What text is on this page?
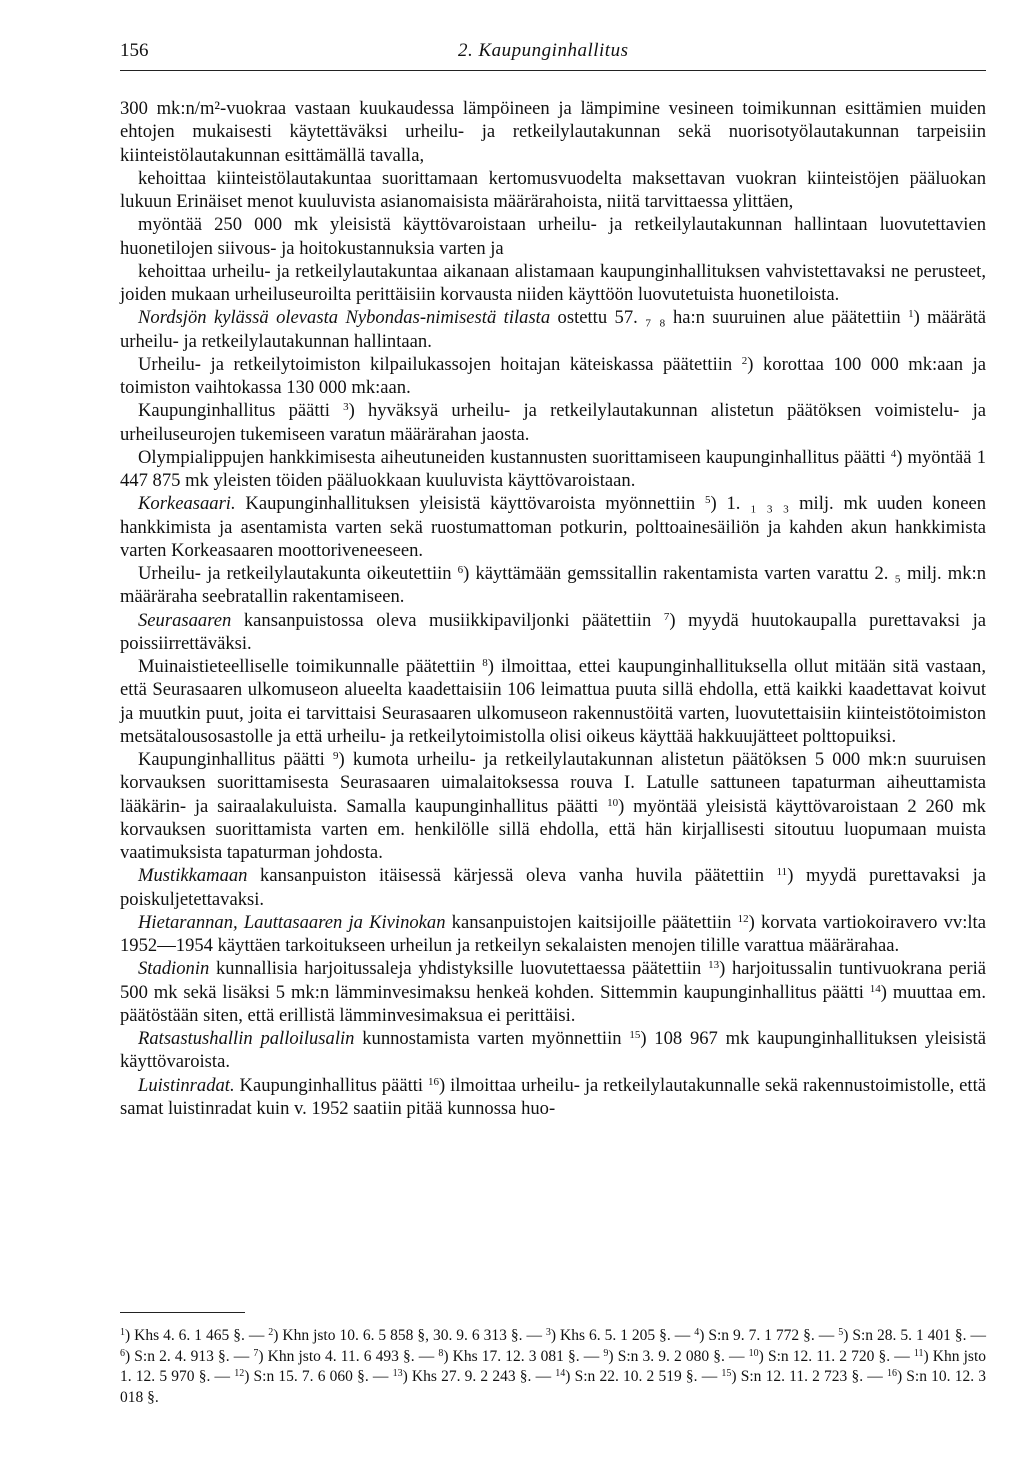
156	2. Kaupunginhallitus

300 mk:n/m²-vuokraa vastaan kuukaudessa lämpöineen ja lämpimine vesineen toimikunnan esittämien muiden ehtojen mukaisesti käytettäväksi urheilu- ja retkeilylautakunnan sekä nuorisotyölautakunnan tarpeisiin kiinteistölautakunnan esittämällä tavalla,

kehoittaa kiinteistölautakuntaa suorittamaan kertomusvuodelta maksettavan vuokran kiinteistöjen pääluokan lukuun Erinäiset menot kuuluvista asianomaisista määrärahoista, niitä tarvittaessa ylittäen,

myöntää 250 000 mk yleisistä käyttövaroistaan urheilu- ja retkeilylautakunnan hallintaan luovutettavien huonetilojen siivous- ja hoitokustannuksia varten ja

kehoittaa urheilu- ja retkeilylautakuntaa aikanaan alistamaan kaupunginhallituksen vahvistettavaksi ne perusteet, joiden mukaan urheiluseuroilta perittäisiin korvausta niiden käyttöön luovutetuista huonetiloista.

Nordsjön kylässä olevasta Nybondas-nimisestä tilasta ostettu 57. ₇ ₈ ha:n suuruinen alue päätettiin $^1$) määrätä urheilu- ja retkeilylautakunnan hallintaan.

Urheilu- ja retkeilytoimiston kilpailukassojen hoitajan käteiskassa päätettiin $^2$) korottaa 100 000 mk:aan ja toimiston vaihtokassa 130 000 mk:aan.

Kaupunginhallitus päätti $^3$) hyväksyä urheilu- ja retkeilylautakunnan alistetun päätöksen voimistelu- ja urheiluseurojen tukemiseen varatun määrärahan jaosta.

Olympialippujen hankkimisesta aiheutuneiden kustannusten suorittamiseen kaupunginhallitus päätti $^4$) myöntää 1 447 875 mk yleisten töiden pääluokkaan kuuluvista käyttövaroistaan.

Korkeasaari. Kaupunginhallituksen yleisistä käyttövaroista myönnettiin $^5$) 1. ₁ ₃ ₃ milj. mk uuden koneen hankkimista ja asentamista varten sekä ruostumattoman potkurin, polttoainesäiliön ja kahden akun hankkimista varten Korkeasaaren moottoriveneeseen.

Urheilu- ja retkeilylautakunta oikeutettiin $^6$) käyttämään gemssitallin rakentamista varten varattu 2. ₅ milj. mk:n määräraha seebratallin rakentamiseen.

Seurasaaren kansanpuistossa oleva musiikkipaviljonki päätettiin $^7$) myydä huutokaupalla purettavaksi ja poissiirrettäväksi.

Muinaistieteelliselle toimikunnalle päätettiin $^8$) ilmoittaa, ettei kaupunginhallituksella ollut mitään sitä vastaan, että Seurasaaren ulkomuseon alueelta kaadettaisiin 106 leimattua puuta sillä ehdolla, että kaikki kaadettavat koivut ja muutkin puut, joita ei tarvittaisi Seurasaaren ulkomuseon rakennustöitä varten, luovutettaisiin kiinteistötoimiston metsätalousosastolle ja että urheilu- ja retkeilytoimistolla olisi oikeus käyttää hakkuujätteet polttopuiksi.

Kaupunginhallitus päätti $^9$) kumota urheilu- ja retkeilylautakunnan alistetun päätöksen 5 000 mk:n suuruisen korvauksen suorittamisesta Seurasaaren uimalaitoksessa rouva I. Latulle sattuneen tapaturman aiheuttamista lääkärin- ja sairaalakuluista. Samalla kaupunginhallitus päätti $^{10}$) myöntää yleisistä käyttövaroistaan 2 260 mk korvauksen suorittamista varten em. henkilölle sillä ehdolla, että hän kirjallisesti sitoutuu luopumaan muista vaatimuksista tapaturman johdosta.

Mustikkamaan kansanpuiston itäisessä kärjessä oleva vanha huvila päätettiin $^{11}$) myydä purettavaksi ja poiskuljetettavaksi.

Hietarannan, Lauttasaaren ja Kivinokan kansanpuistojen kaitsijoille päätettiin $^{12}$) korvata vartiokoiravero vv:lta 1952—1954 käyttäen tarkoitukseen urheilun ja retkeilyn sekalaisten menojen tilille varattua määrärahaa.

Stadionin kunnallisia harjoitussaleja yhdistyksille luovutettaessa päätettiin $^{13}$) harjoitussalin tuntivuokrana periä 500 mk sekä lisäksi 5 mk:n lämminvesimaksu henkeä kohden. Sittemmin kaupunginhallitus päätti $^{14}$) muuttaa em. päätöstään siten, että erillistä lämminvesimaksua ei perittäisi.

Ratsastushallin palloilusalin kunnostamista varten myönnettiin $^{15}$) 108 967 mk kaupunginhallituksen yleisistä käyttövaroista.

Luistinradat. Kaupunginhallitus päätti $^{16}$) ilmoittaa urheilu- ja retkeilylautakunnalle sekä rakennustoimistolle, että samat luistinradat kuin v. 1952 saatiin pitää kunnossa huo-

$^1$) Khs 4. 6. 1 465 §. — $^2$) Khn jsto 10. 6. 5 858 §, 30. 9. 6 313 §. — $^3$) Khs 6. 5. 1 205 §. — $^4$) S:n 9. 7. 1 772 §. — $^5$) S:n 28. 5. 1 401 §. — $^6$) S:n 2. 4. 913 §. — $^7$) Khn jsto 4. 11. 6 493 §. — $^8$) Khs 17. 12. 3 081 §. — $^9$) S:n 3. 9. 2 080 §. — $^{10}$) S:n 12. 11. 2 720 §. — $^{11}$) Khn jsto 1. 12. 5 970 §. — $^{12}$) S:n 15. 7. 6 060 §. — $^{13}$) Khs 27. 9. 2 243 §. — $^{14}$) S:n 22. 10. 2 519 §. — $^{15}$) S:n 12. 11. 2 723 §. — $^{16}$) S:n 10. 12. 3 018 §.
